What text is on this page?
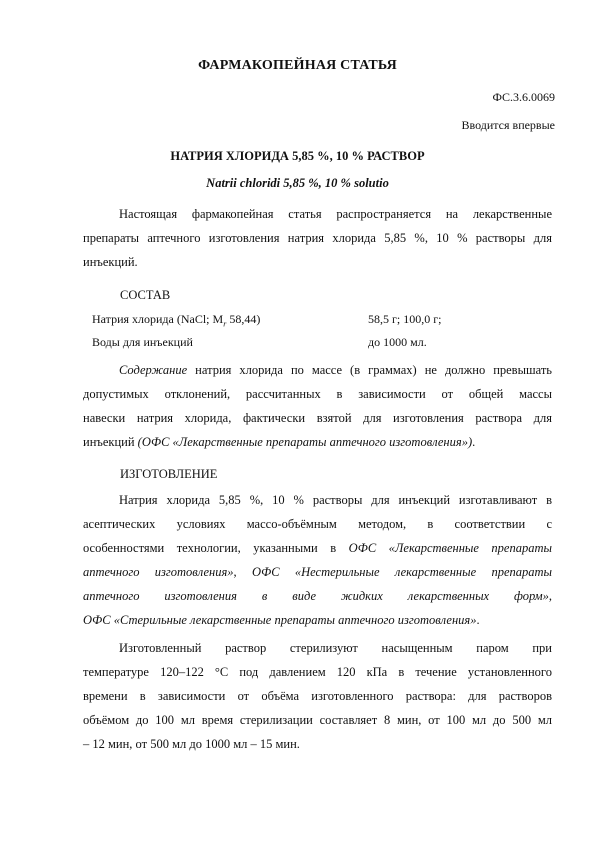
ФАРМАКОПЕЙНАЯ СТАТЬЯ
ФС.3.6.0069
Вводится впервые
НАТРИЯ ХЛОРИДА 5,85 %, 10 % РАСТВОР
Natrii chloridi 5,85 %, 10 % solutio
Настоящая фармакопейная статья распространяется на лекарственные
препараты аптечного изготовления натрия хлорида 5,85 %, 10 % растворы для
инъекций.
СОСТАВ
Натрия хлорида (NaCl; $M_r$ 58,44)	58,5 г; 100,0 г;
Воды для инъекций	до 1000 мл.
Содержание натрия хлорида по массе (в граммах) не должно превышать
допустимых отклонений, рассчитанных в зависимости от общей массы
навески натрия хлорида, фактически взятой для изготовления раствора для
инъекций (ОФС «Лекарственные препараты аптечного изготовления»).
ИЗГОТОВЛЕНИЕ
Натрия хлорида 5,85 %, 10 % растворы для инъекций изготавливают в
асептических условиях массо-объёмным методом, в соответствии с
особенностями технологии, указанными в ОФС «Лекарственные препараты
аптечного изготовления», ОФС «Нестерильные лекарственные препараты
аптечного изготовления в виде жидких лекарственных форм»,
ОФС «Стерильные лекарственные препараты аптечного изготовления».
Изготовленный раствор стерилизуют насыщенным паром при
температуре 120–122 °С под давлением 120 кПа в течение установленного
времени в зависимости от объёма изготовленного раствора: для растворов
объёмом до 100 мл время стерилизации составляет 8 мин, от 100 мл до 500 мл
– 12 мин, от 500 мл до 1000 мл – 15 мин.
